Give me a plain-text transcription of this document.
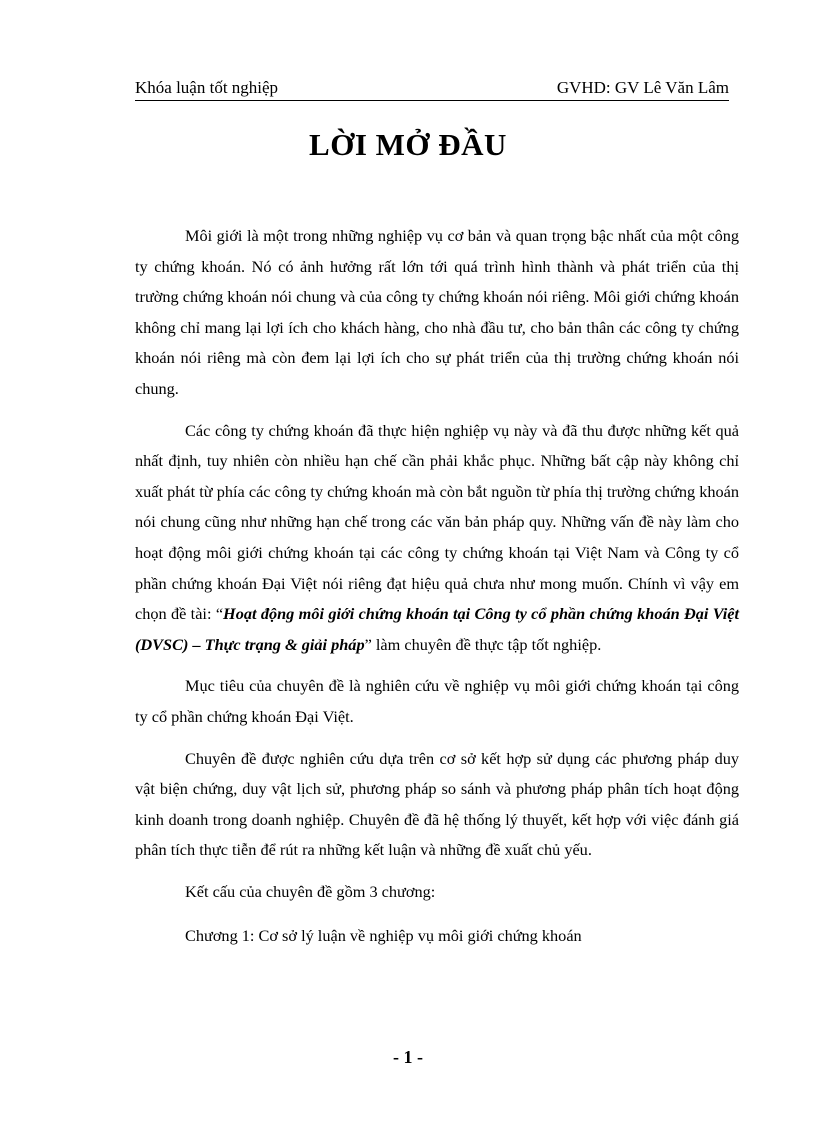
Khóa luận tốt nghiệp	GVHD: GV Lê Văn Lâm
LỜI MỞ ĐẦU

Môi giới là một trong những nghiệp vụ cơ bản và quan trọng bậc nhất của một công ty chứng khoán. Nó có ảnh hưởng rất lớn tới quá trình hình thành và phát triển của thị trường chứng khoán nói chung và của công ty chứng khoán nói riêng. Môi giới chứng khoán không chỉ mang lại lợi ích cho khách hàng, cho nhà đầu tư, cho bản thân các công ty chứng khoán nói riêng mà còn đem lại lợi ích cho sự phát triển của thị trường chứng khoán nói chung.

Các công ty chứng khoán đã thực hiện nghiệp vụ này và đã thu được những kết quả nhất định, tuy nhiên còn nhiều hạn chế cần phải khắc phục. Những bất cập này không chỉ xuất phát từ phía các công ty chứng khoán mà còn bắt nguồn từ phía thị trường chứng khoán nói chung cũng như những hạn chế trong các văn bản pháp quy. Những vấn đề này làm cho hoạt động môi giới chứng khoán tại các công ty chứng khoán tại Việt Nam và Công ty cổ phần chứng khoán Đại Việt nói riêng đạt hiệu quả chưa như mong muốn. Chính vì vậy em chọn đề tài: “Hoạt động môi giới chứng khoán tại Công ty cổ phần chứng khoán Đại Việt (DVSC) – Thực trạng & giải pháp” làm chuyên đề thực tập tốt nghiệp.

Mục tiêu của chuyên đề là nghiên cứu về nghiệp vụ môi giới chứng khoán tại công ty cổ phần chứng khoán Đại Việt.

Chuyên đề được nghiên cứu dựa trên cơ sở kết hợp sử dụng các phương pháp duy vật biện chứng, duy vật lịch sử, phương pháp so sánh và phương pháp phân tích hoạt động kinh doanh trong doanh nghiệp. Chuyên đề đã hệ thống lý thuyết, kết hợp với việc đánh giá phân tích thực tiễn để rút ra những kết luận và những đề xuất chủ yếu.

Kết cấu của chuyên đề gồm 3 chương:

Chương 1: Cơ sở lý luận về nghiệp vụ môi giới chứng khoán

- 1 -
